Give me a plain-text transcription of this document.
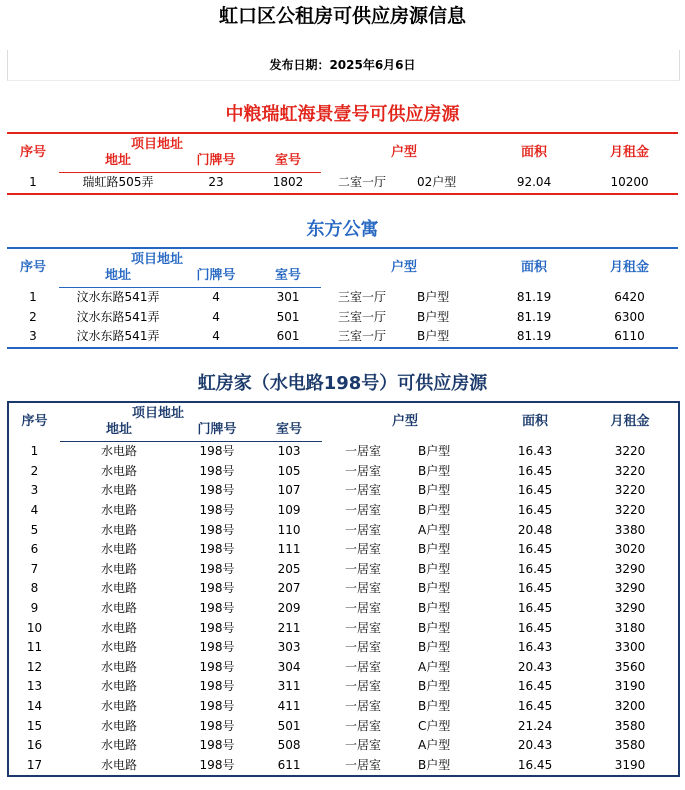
虹口区公租房可供应房源信息
发布日期：2025年6月6日
中粮瑞虹海景壹号可供应房源
序号	项目地址			户型		面积	月租金
	地址	门牌号	室号				
1	瑞虹路505弄	23	1802	二室一厅	02户型	92.04	10200
东方公寓
序号	项目地址			户型		面积	月租金
	地址	门牌号	室号				
1	汶水东路541弄	4	301	三室一厅	B户型	81.19	6420
2	汶水东路541弄	4	501	三室一厅	B户型	81.19	6300
3	汶水东路541弄	4	601	三室一厅	B户型	81.19	6110
虹房家（水电路198号）可供应房源
序号	项目地址			户型		面积	月租金
	地址	门牌号	室号				
1	水电路	198号	103	一居室	B户型	16.43	3220
2	水电路	198号	105	一居室	B户型	16.45	3220
3	水电路	198号	107	一居室	B户型	16.45	3220
4	水电路	198号	109	一居室	B户型	16.45	3220
5	水电路	198号	110	一居室	A户型	20.48	3380
6	水电路	198号	111	一居室	B户型	16.45	3020
7	水电路	198号	205	一居室	B户型	16.45	3290
8	水电路	198号	207	一居室	B户型	16.45	3290
9	水电路	198号	209	一居室	B户型	16.45	3290
10	水电路	198号	211	一居室	B户型	16.45	3180
11	水电路	198号	303	一居室	B户型	16.43	3300
12	水电路	198号	304	一居室	A户型	20.43	3560
13	水电路	198号	311	一居室	B户型	16.45	3190
14	水电路	198号	411	一居室	B户型	16.45	3200
15	水电路	198号	501	一居室	C户型	21.24	3580
16	水电路	198号	508	一居室	A户型	20.43	3580
17	水电路	198号	611	一居室	B户型	16.45	3190
